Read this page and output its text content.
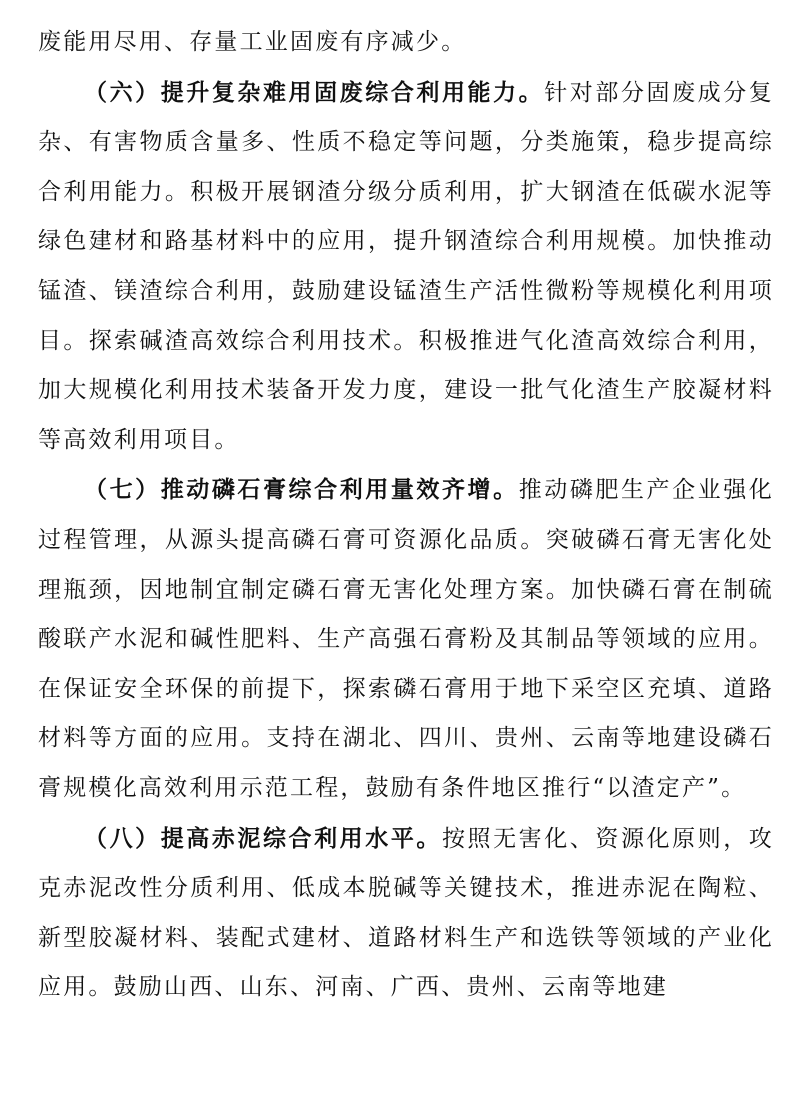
废能用尽用、存量工业固废有序减少。

（六）提升复杂难用固废综合利用能力。针对部分固废成分复杂、有害物质含量多、性质不稳定等问题，分类施策，稳步提高综合利用能力。积极开展钢渣分级分质利用，扩大钢渣在低碳水泥等绿色建材和路基材料中的应用，提升钢渣综合利用规模。加快推动锰渣、镁渣综合利用，鼓励建设锰渣生产活性微粉等规模化利用项目。探索碱渣高效综合利用技术。积极推进气化渣高效综合利用，加大规模化利用技术装备开发力度，建设一批气化渣生产胶凝材料等高效利用项目。

（七）推动磷石膏综合利用量效齐增。推动磷肥生产企业强化过程管理，从源头提高磷石膏可资源化品质。突破磷石膏无害化处理瓶颈，因地制宜制定磷石膏无害化处理方案。加快磷石膏在制硫酸联产水泥和碱性肥料、生产高强石膏粉及其制品等领域的应用。在保证安全环保的前提下，探索磷石膏用于地下采空区充填、道路材料等方面的应用。支持在湖北、四川、贵州、云南等地建设磷石膏规模化高效利用示范工程，鼓励有条件地区推行“以渣定产”。

（八）提高赤泥综合利用水平。按照无害化、资源化原则，攻克赤泥改性分质利用、低成本脱碱等关键技术，推进赤泥在陶粒、新型胶凝材料、装配式建材、道路材料生产和选铁等领域的产业化应用。鼓励山西、山东、河南、广西、贵州、云南等地建
